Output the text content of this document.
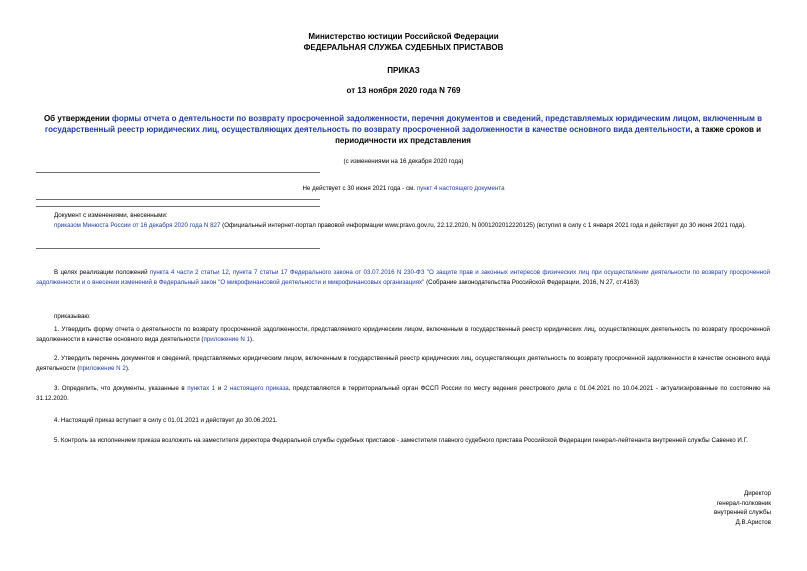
Министерство юстиции Российской Федерации
ФЕДЕРАЛЬНАЯ СЛУЖБА СУДЕБНЫХ ПРИСТАВОВ
ПРИКАЗ
от 13 ноября 2020 года N 769
Об утверждении формы отчета о деятельности по возврату просроченной задолженности, перечня документов и сведений, представляемых юридическим лицом, включенным в государственный реестр юридических лиц, осуществляющих деятельность по возврату просроченной задолженности в качестве основного вида деятельности, а также сроков и периодичности их представления
(с изменениями на 16 декабря 2020 года)
Не действует с 30 июня 2021 года - см. пункт 4 настоящего документа
Документ с изменениями, внесенными:
приказом Минюста России от 16 декабря 2020 года N 827 (Официальный интернет-портал правовой информации www.pravo.gov.ru, 22.12.2020, N 0001202012220125) (вступил в силу с 1 января 2021 года и действует до 30 июня 2021 года).
В целях реализации положений пункта 4 части 2 статьи 12, пункта 7 статьи 17 Федерального закона от 03.07.2016 N 230-ФЗ "О защите прав и законных интересов физических лиц при осуществлении деятельности по возврату просроченной задолженности и о внесении изменений в Федеральный закон "О микрофинансовой деятельности и микрофинансовых организациях" (Собрание законодательства Российской Федерации, 2016, N 27, ст.4163)
приказываю:
1. Утвердить форму отчета о деятельности по возврату просроченной задолженности, представляемого юридическим лицом, включенным в государственный реестр юридических лиц, осуществляющих деятельность по возврату просроченной задолженности в качестве основного вида деятельности (приложение N 1).
2. Утвердить перечень документов и сведений, представляемых юридическим лицом, включенным в государственный реестр юридических лиц, осуществляющих деятельность по возврату просроченной задолженности в качестве основного вида деятельности (приложение N 2).
3. Определить, что документы, указанные в пунктах 1 и 2 настоящего приказа, представляются в территориальный орган ФССП России по месту ведения реестрового дела с 01.04.2021 по 10.04.2021 - актуализированные по состоянию на 31.12.2020.
4. Настоящий приказ вступает в силу с 01.01.2021 и действует до 30.06.2021.
5. Контроль за исполнением приказа возложить на заместителя директора Федеральной службы судебных приставов - заместителя главного судебного пристава Российской Федерации генерал-лейтенанта внутренней службы Савенко И.Г.
Директор
генерал-полковник
внутренней службы
Д.В.Аристов
